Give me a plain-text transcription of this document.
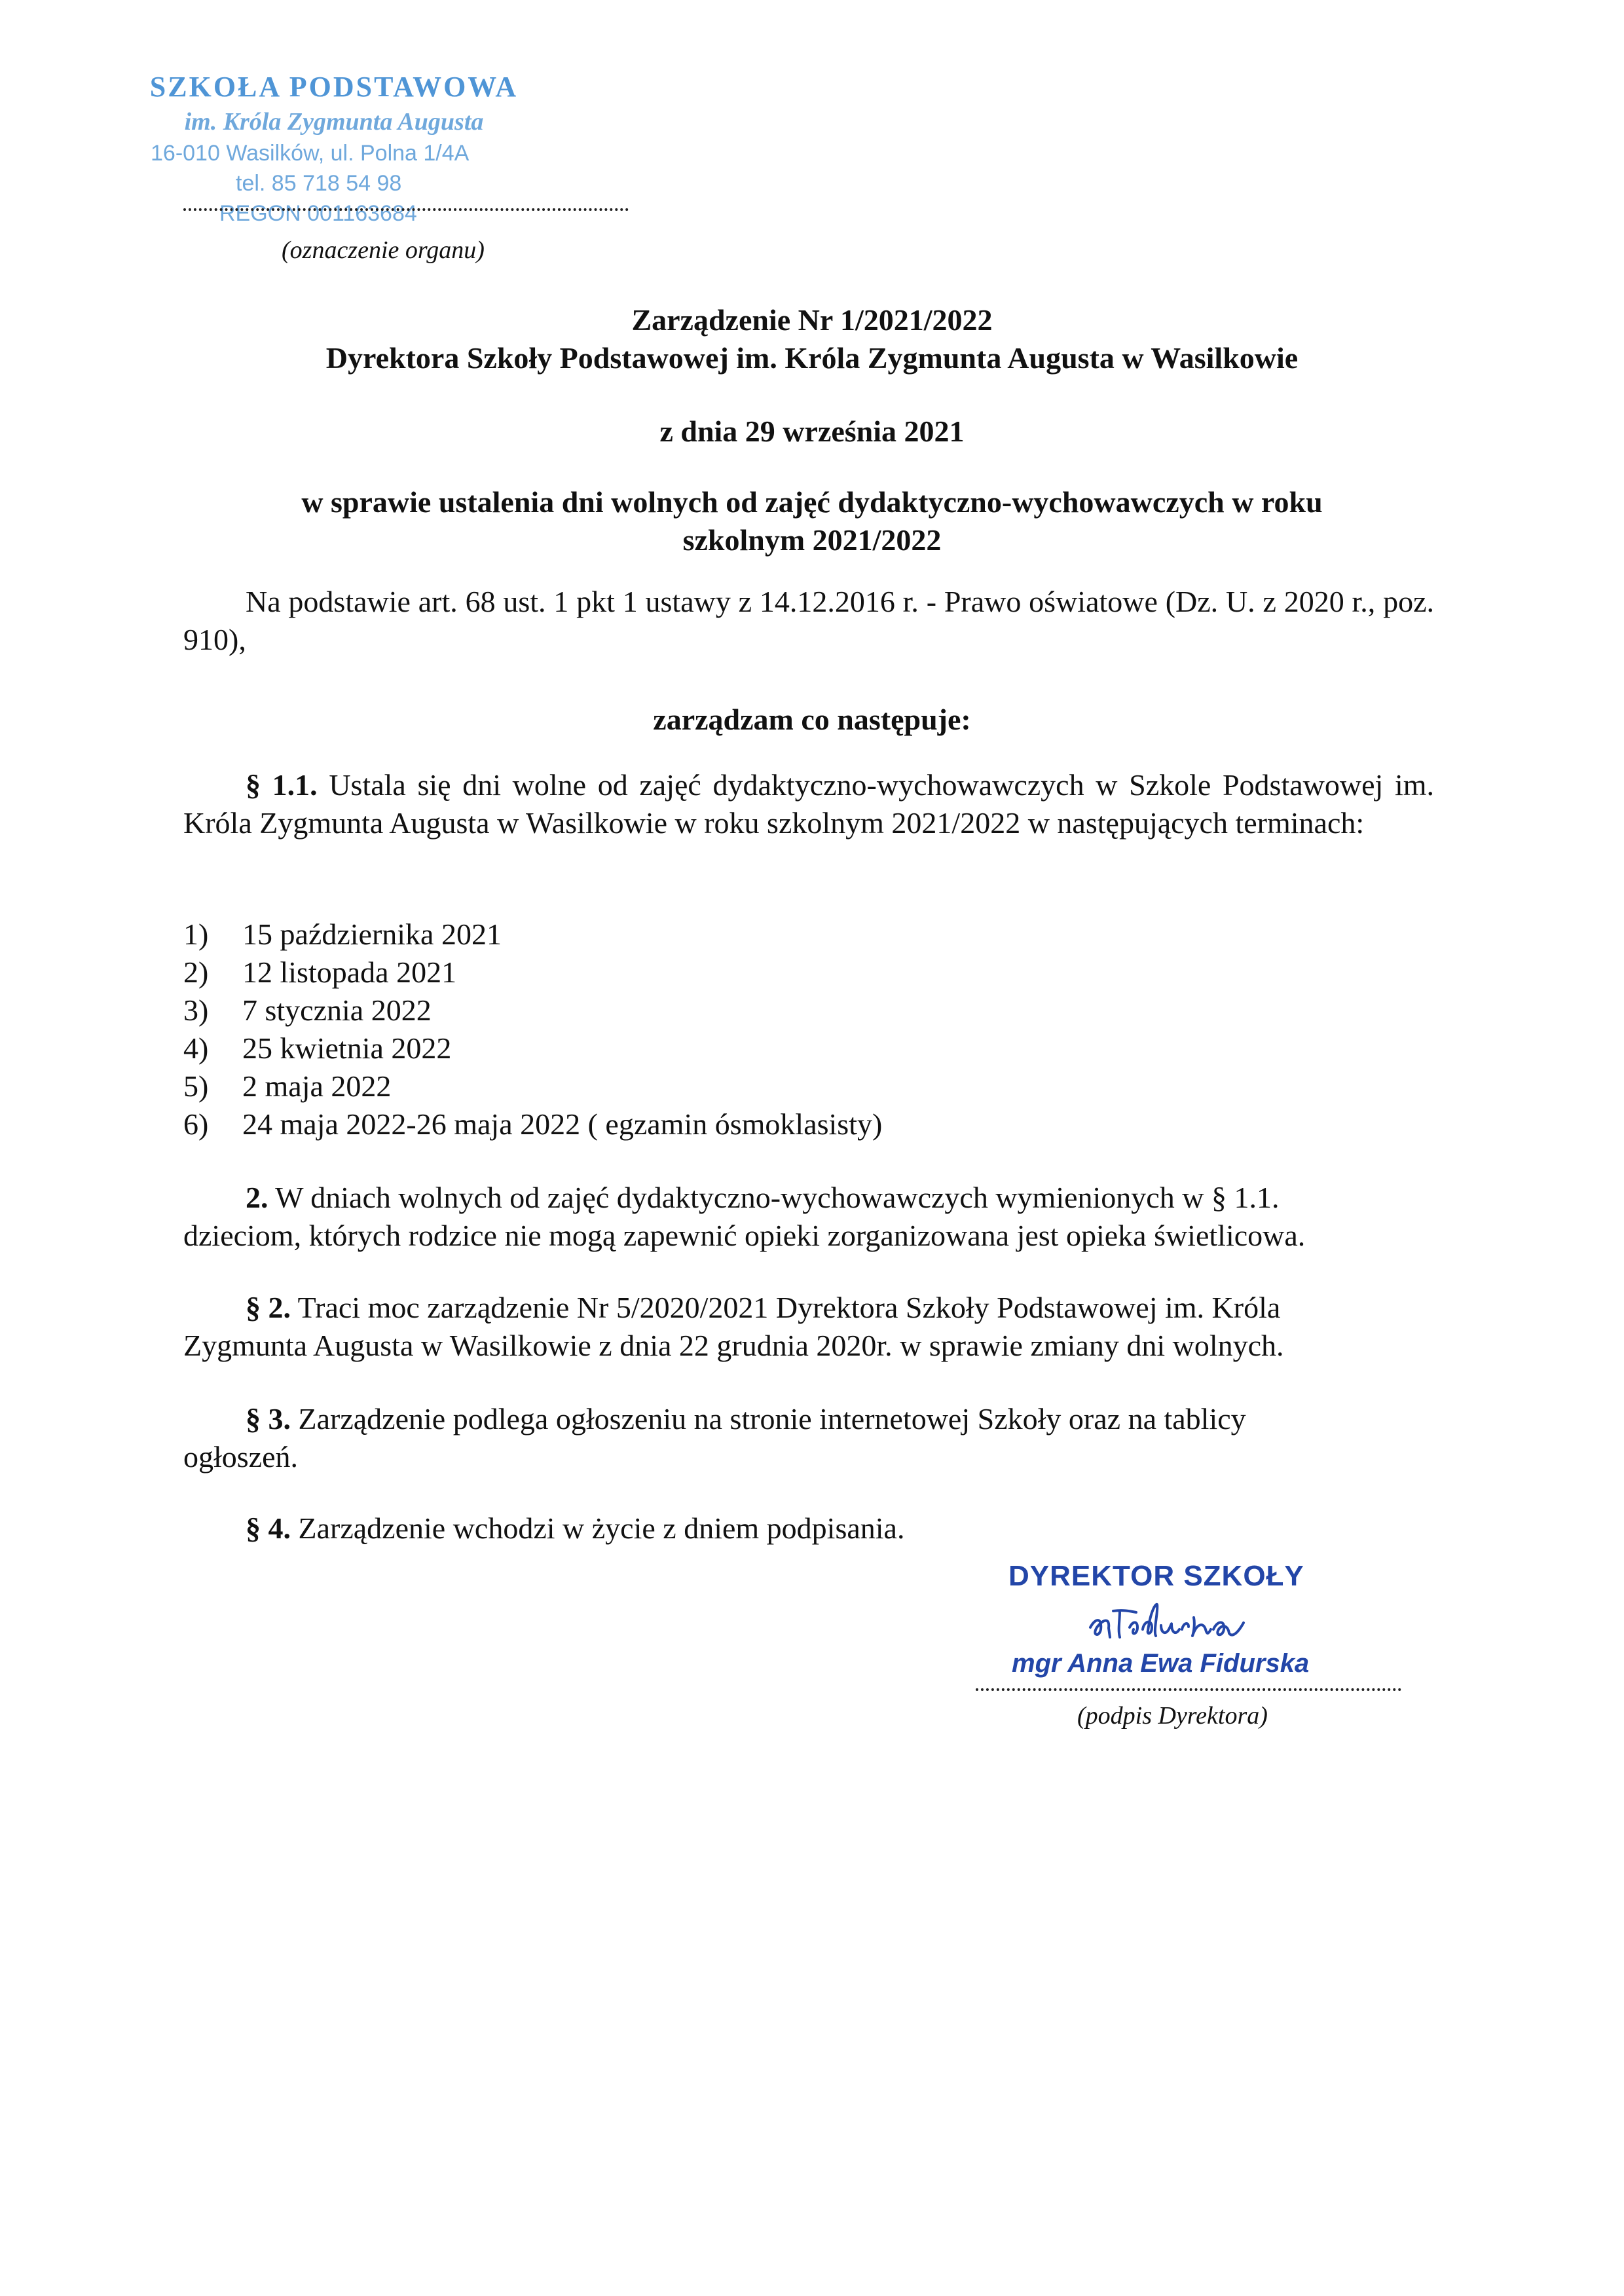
SZKOŁA PODSTAWOWA
im. Króla Zygmunta Augusta
16-010 Wasilków, ul. Polna 1/4A
tel. 85 718 54 98
REGON 001163684
(oznaczenie organu)
Zarządzenie Nr 1/2021/2022
Dyrektora Szkoły Podstawowej im. Króla Zygmunta Augusta w Wasilkowie
z dnia 29 września 2021
w sprawie ustalenia dni wolnych od zajęć dydaktyczno-wychowawczych w roku
szkolnym 2021/2022
Na podstawie art. 68 ust. 1 pkt 1 ustawy z 14.12.2016 r. - Prawo oświatowe (Dz. U. z 2020 r., poz. 910),
zarządzam co następuje:
§ 1.1. Ustala się dni wolne od zajęć dydaktyczno-wychowawczych w Szkole Podstawowej im. Króla Zygmunta Augusta w Wasilkowie w roku szkolnym 2021/2022 w następujących terminach:
1) 15 października 2021
2) 12 listopada 2021
3) 7 stycznia 2022
4) 25 kwietnia 2022
5) 2 maja 2022
6) 24 maja 2022-26 maja 2022 ( egzamin ósmoklasisty)
2. W dniach wolnych od zajęć dydaktyczno-wychowawczych wymienionych w § 1.1.
dzieciom, których rodzice nie mogą zapewnić opieki zorganizowana jest opieka świetlicowa.
§ 2. Traci moc zarządzenie Nr 5/2020/2021 Dyrektora Szkoły Podstawowej im. Króla
Zygmunta Augusta w Wasilkowie z dnia 22 grudnia 2020r. w sprawie zmiany dni wolnych.
§ 3. Zarządzenie podlega ogłoszeniu na stronie internetowej Szkoły oraz na tablicy
ogłoszeń.
§ 4. Zarządzenie wchodzi w życie z dniem podpisania.
DYREKTOR SZKOŁY
mgr Anna Ewa Fidurska
(podpis Dyrektora)
